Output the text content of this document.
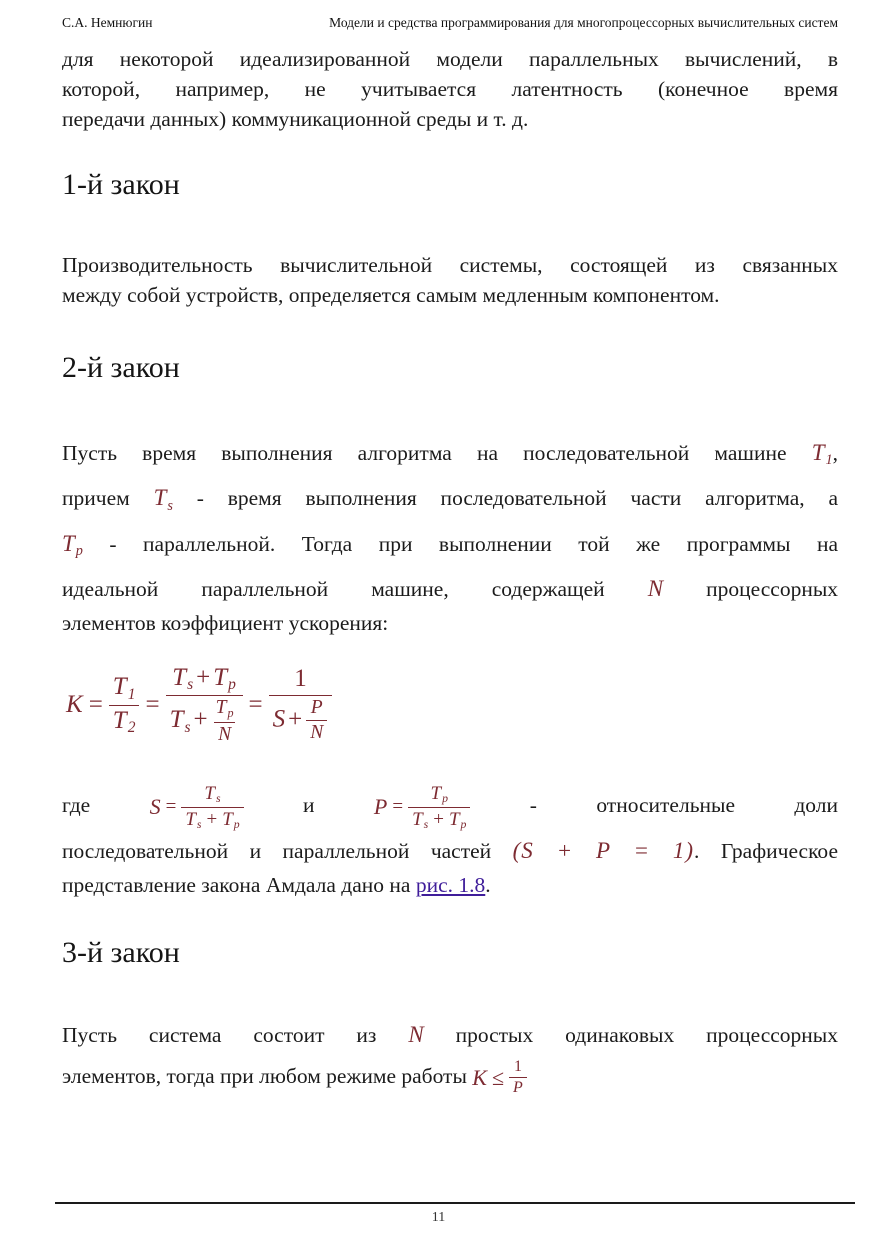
С.А. Немнюгин	Модели и средства программирования для многопроцессорных вычислительных систем
для некоторой идеализированной модели параллельных вычислений, в
которой, например, не учитывается латентность (конечное время
передачи данных) коммуникационной среды и т. д.
1-й закон
Производительность вычислительной системы, состоящей из связанных
между собой устройств, определяется самым медленным компонентом.
2-й закон
Пусть время выполнения алгоритма на последовательной машине T1,
причем Ts - время выполнения последовательной части алгоритма, а
Tp - параллельной. Тогда при выполнении той же программы на
идеальной параллельной машине, содержащей N процессорных
элементов коэффициент ускорения:
$K = \frac{T1}{T2} = \frac{Ts + Tp}{Ts + \frac{Tp}{N}} = \frac{1}{S + \frac{P}{N}}$
где	$S = \frac{Ts}{Ts + Tp}$	и	$P = \frac{Tp}{Ts + Tp}$	-	относительные доли
последовательной и параллельной частей (S + P = 1). Графическое
представление закона Амдала дано на рис. 1.8.
3-й закон
Пусть система состоит из N простых одинаковых процессорных
элементов, тогда при любом режиме работы $K \le \frac{1}{P}$
11
